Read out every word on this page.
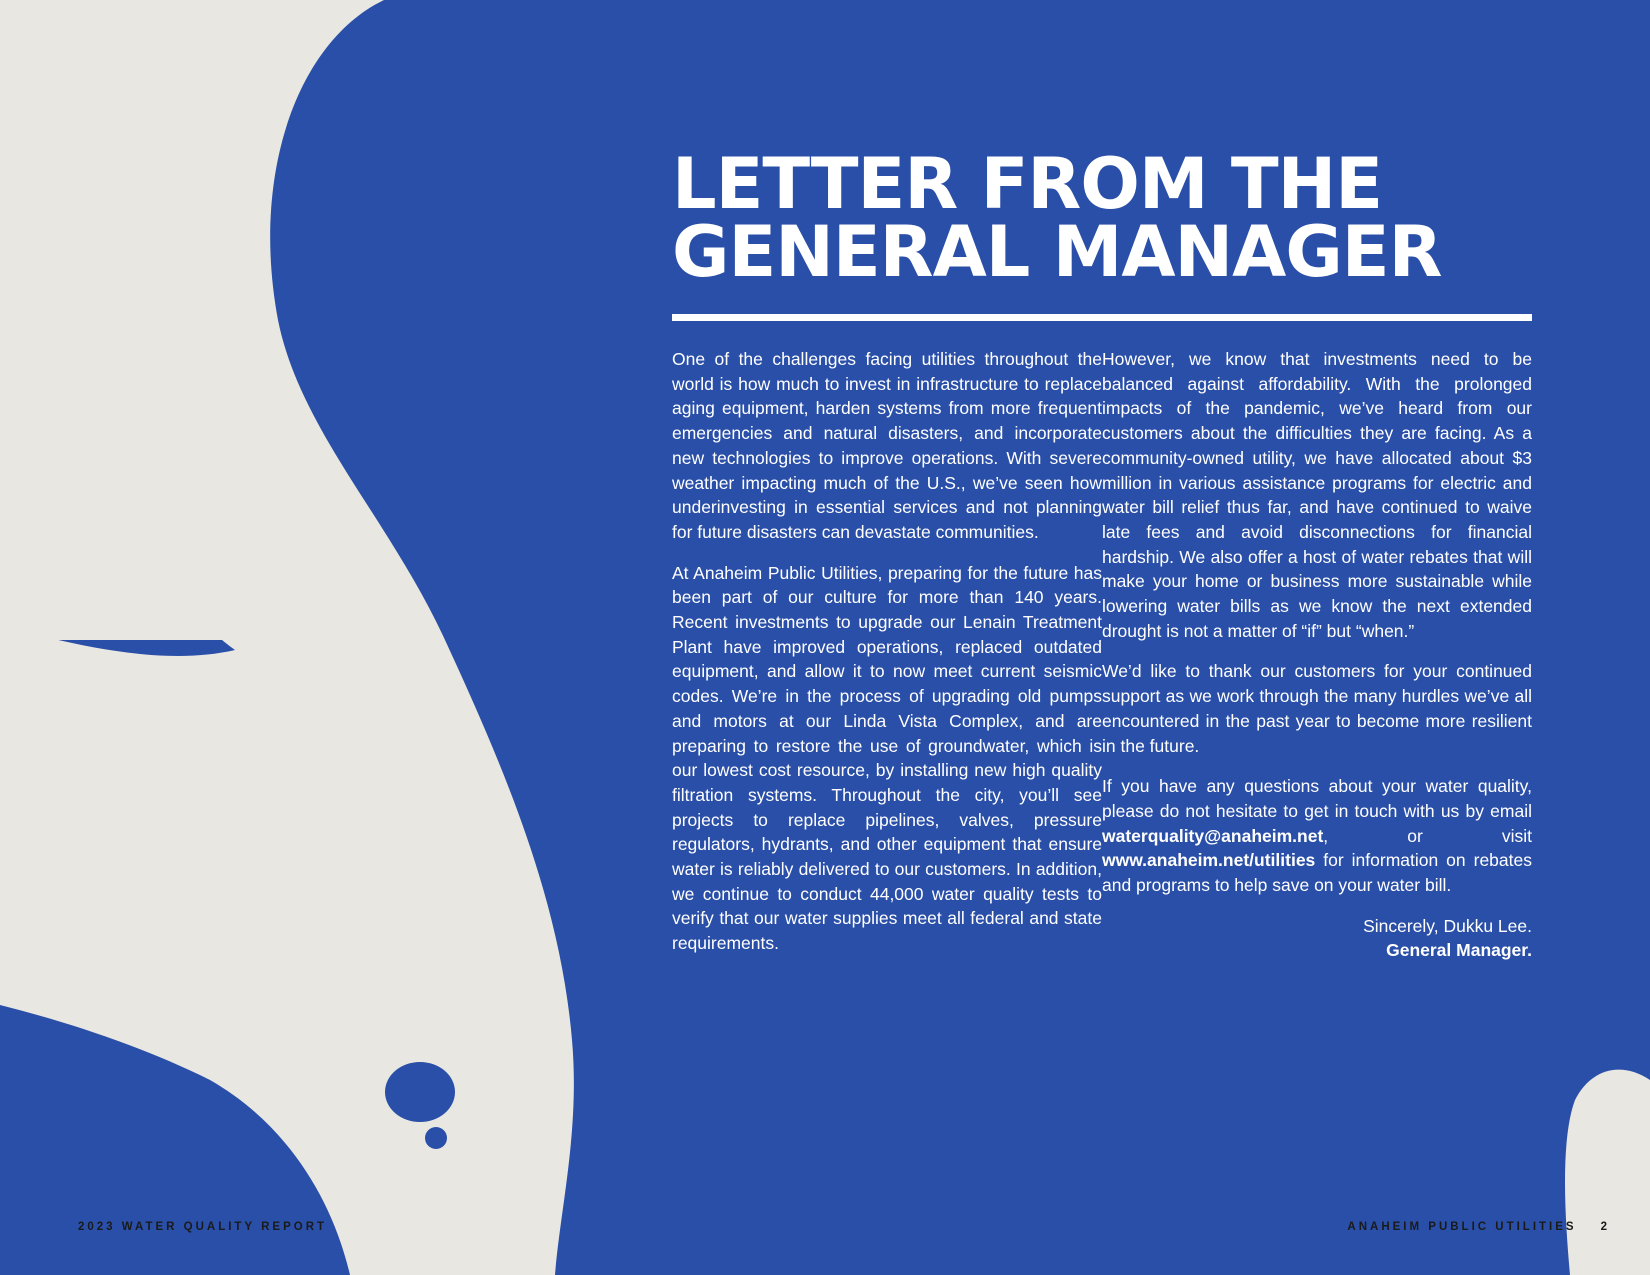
LETTER FROM THE
GENERAL MANAGER

One of the challenges facing utilities throughout the world is how much to invest in infrastructure to replace aging equipment, harden systems from more frequent emergencies and natural disasters, and incorporate new technologies to improve operations. With severe weather impacting much of the U.S., we’ve seen how underinvesting in essential services and not planning for future disasters can devastate communities.

At Anaheim Public Utilities, preparing for the future has been part of our culture for more than 140 years. Recent investments to upgrade our Lenain Treatment Plant have improved operations, replaced outdated equipment, and allow it to now meet current seismic codes. We’re in the process of upgrading old pumps and motors at our Linda Vista Complex, and are preparing to restore the use of groundwater, which is our lowest cost resource, by installing new high quality filtration systems. Throughout the city, you’ll see projects to replace pipelines, valves, pressure regulators, hydrants, and other equipment that ensure water is reliably delivered to our customers. In addition, we continue to conduct 44,000 water quality tests to verify that our water supplies meet all federal and state requirements.

However, we know that investments need to be balanced against affordability. With the prolonged impacts of the pandemic, we’ve heard from our customers about the difficulties they are facing. As a community-owned utility, we have allocated about $3 million in various assistance programs for electric and water bill relief thus far, and have continued to waive late fees and avoid disconnections for financial hardship. We also offer a host of water rebates that will make your home or business more sustainable while lowering water bills as we know the next extended drought is not a matter of “if” but “when.”

We’d like to thank our customers for your continued support as we work through the many hurdles we’ve all encountered in the past year to become more resilient in the future.

If you have any questions about your water quality, please do not hesitate to get in touch with us by email waterquality@anaheim.net, or visit www.anaheim.net/utilities for information on rebates and programs to help save on your water bill.

Sincerely, Dukku Lee.
General Manager.
2023 WATER QUALITY REPORT	ANAHEIM PUBLIC UTILITIES 2
